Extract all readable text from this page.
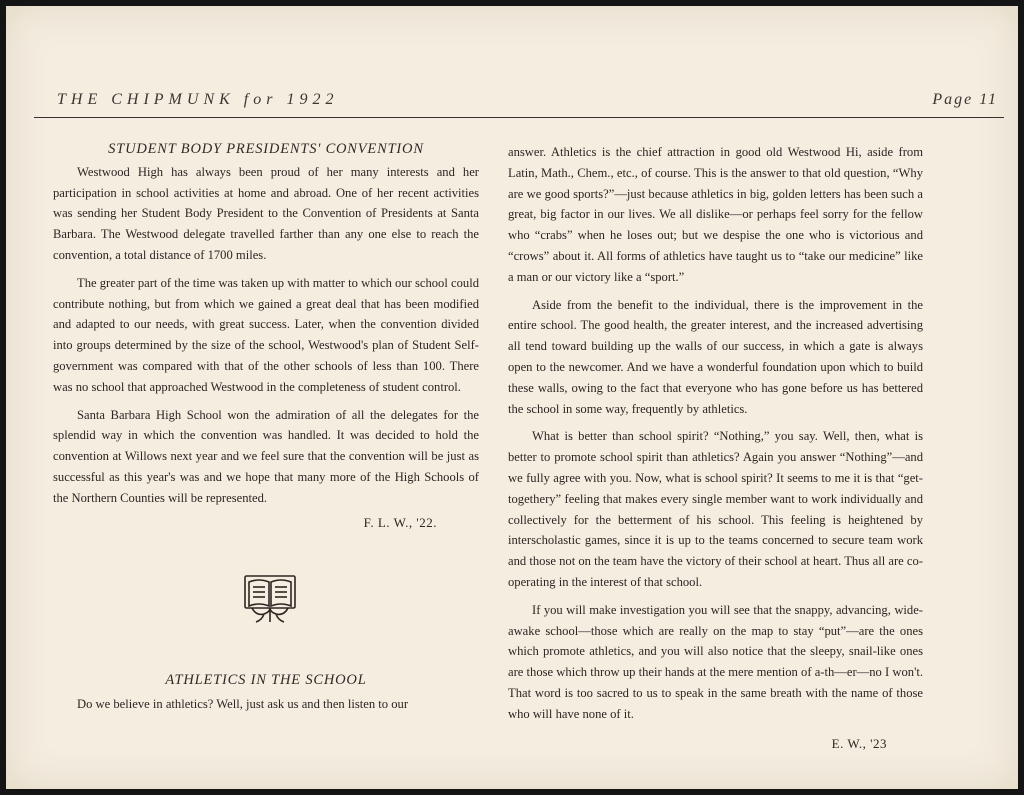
THE CHIPMUNK for 1922	Page 11
STUDENT BODY PRESIDENTS' CONVENTION

Westwood High has always been proud of her many interests and her participation in school activities at home and abroad. One of her recent activities was sending her Student Body President to the Convention of Presidents at Santa Barbara. The Westwood delegate travelled farther than any one else to reach the convention, a total distance of 1700 miles.

The greater part of the time was taken up with matter to which our school could contribute nothing, but from which we gained a great deal that has been modified and adapted to our needs, with great success. Later, when the convention divided into groups determined by the size of the school, Westwood's plan of Student Self-government was compared with that of the other schools of less than 100. There was no school that approached Westwood in the completeness of student control.

Santa Barbara High School won the admiration of all the delegates for the splendid way in which the convention was handled. It was decided to hold the convention at Willows next year and we feel sure that the convention will be just as successful as this year's was and we hope that many more of the High Schools of the Northern Counties will be represented.

F. L. W., '22.
ATHLETICS IN THE SCHOOL

Do we believe in athletics? Well, just ask us and then listen to our

answer. Athletics is the chief attraction in good old Westwood Hi, aside from Latin, Math., Chem., etc., of course. This is the answer to that old question, “Why are we good sports?”—just because athletics in big, golden letters has been such a great, big factor in our lives. We all dislike—or perhaps feel sorry for the fellow who “crabs” when he loses out; but we despise the one who is victorious and “crows” about it. All forms of athletics have taught us to “take our medicine” like a man or our victory like a “sport.”

Aside from the benefit to the individual, there is the improvement in the entire school. The good health, the greater interest, and the increased advertising all tend toward building up the walls of our success, in which a gate is always open to the newcomer. And we have a wonderful foundation upon which to build these walls, owing to the fact that everyone who has gone before us has bettered the school in some way, frequently by athletics.

What is better than school spirit? “Nothing,” you say. Well, then, what is better to promote school spirit than athletics? Again you answer “Nothing”—and we fully agree with you. Now, what is school spirit? It seems to me it is that “get-togethery” feeling that makes every single member want to work individually and collectively for the betterment of his school. This feeling is heightened by interscholastic games, since it is up to the teams concerned to secure team work and those not on the team have the victory of their school at heart. Thus all are co-operating in the interest of that school.

If you will make investigation you will see that the snappy, advancing, wide-awake school—those which are really on the map to stay “put”—are the ones which promote athletics, and you will also notice that the sleepy, snail-like ones are those which throw up their hands at the mere mention of a-th—er—no I won't. That word is too sacred to us to speak in the same breath with the name of those who will have none of it.

E. W., '23
